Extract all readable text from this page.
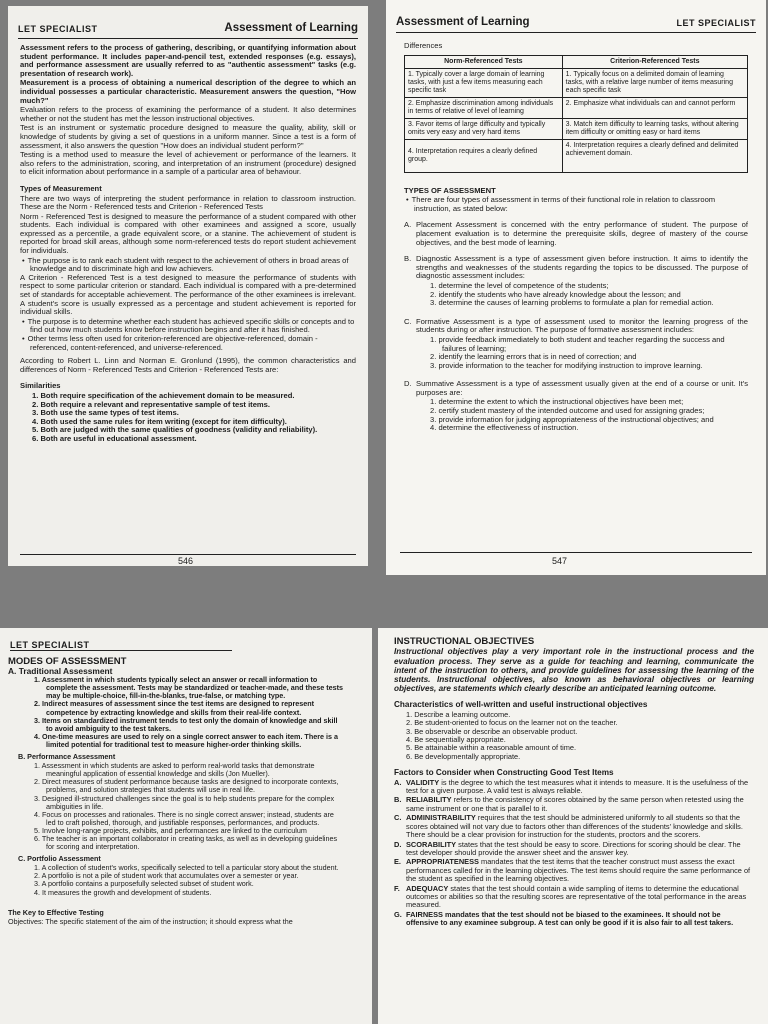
LET SPECIALIST	Assessment of Learning

Assessment refers to the process of gathering, describing, or quantifying information about student performance. It includes paper-and-pencil test, extended responses (e.g. essays), and performance assessment are usually referred to as "authentic assessment" tasks (e.g. presentation of research work).

Measurement is a process of obtaining a numerical description of the degree to which an individual possesses a particular characteristic. Measurement answers the question, "How much?"

Evaluation refers to the process of examining the performance of a student. It also determines whether or not the student has met the lesson instructional objectives.

Test is an instrument or systematic procedure designed to measure the quality, ability, skill or knowledge of students by giving a set of questions in a uniform manner. Since a test is a form of assessment, it also answers the question "How does an individual student perform?"

Testing is a method used to measure the level of achievement or performance of the learners. It also refers to the administration, scoring, and interpretation of an instrument (procedure) designed to elicit information about performance in a sample of a particular area of behaviour.

Types of Measurement

There are two ways of interpreting the student performance in relation to classroom instruction. These are the Norm - Referenced tests and Criterion - Referenced Tests

Norm - Referenced Test is designed to measure the performance of a student compared with other students. Each individual is compared with other examinees and assigned a score, usually expressed as a percentile, a grade equivalent score, or a stanine. The achievement of student is reported for broad skill areas, although some norm-referenced tests do report student achievement for individuals.

• The purpose is to rank each student with respect to the achievement of others in broad areas of knowledge and to discriminate high and low achievers.

A Criterion - Referenced Test is a test designed to measure the performance of students with respect to some particular criterion or standard. Each individual is compared with a pre-determined set of standards for acceptable achievement. The performance of the other examinees is irrelevant. A student's score is usually expressed as a percentage and student achievement is reported for individual skills.

• The purpose is to determine whether each student has achieved specific skills or concepts and to find out how much students know before instruction begins and after it has finished.
• Other terms less often used for criterion-referenced are objective-referenced, domain -referenced, content-referenced, and universe-referenced.

According to Robert L. Linn and Norman E. Gronlund (1995), the common characteristics and differences of Norm - Referenced Tests and Criterion - Referenced Tests are:

Similarities

1. Both require specification of the achievement domain to be measured.
2. Both require a relevant and representative sample of test items.
3. Both use the same types of test items.
4. Both used the same rules for item writing (except for item difficulty).
5. Both are judged with the same qualities of goodness (validity and reliability).
6. Both are useful in educational assessment.
546
Assessment of Learning	LET SPECIALIST

Differences

Norm-Referenced Tests	Criterion-Referenced Tests
1. Typically cover a large domain of learning tasks, with just a few items measuring each specific task	1. Typically focus on a delimited domain of learning tasks, with a relative large number of items measuring each specific task
2. Emphasize discrimination among individuals in terms of relative of level of learning	2. Emphasize what individuals can and cannot perform
3. Favor items of large difficulty and typically omits very easy and very hard items	3. Match item difficulty to learning tasks, without altering item difficulty or omitting easy or hard items
4. Interpretation requires a clearly defined group.	4. Interpretation requires a clearly defined and delimited achievement domain.

TYPES OF ASSESSMENT

• There are four types of assessment in terms of their functional role in relation to classroom instruction, as stated below:
A. Placement Assessment is concerned with the entry performance of student. The purpose of placement evaluation is to determine the prerequisite skills, degree of mastery of the course objectives, and the best mode of learning.

B. Diagnostic Assessment is a type of assessment given before instruction. It aims to identify the strengths and weaknesses of the students regarding the topics to be discussed. The purpose of diagnostic assessment includes:

1. determine the level of competence of the students;
2. identify the students who have already knowledge about the lesson; and
3. determine the causes of learning problems to formulate a plan for remedial action.
C. Formative Assessment is a type of assessment used to monitor the learning progress of the students during or after instruction. The purpose of formative assessment includes:

1. provide feedback immediately to both student and teacher regarding the success and failures of learning;
2. identify the learning errors that is in need of correction; and
3. provide information to the teacher for modifying instruction to improve learning.
D. Summative Assessment is a type of assessment usually given at the end of a course or unit. It's purposes are:

1. determine the extent to which the instructional objectives have been met;
2. certify student mastery of the intended outcome and used for assigning grades;
3. provide information for judging appropriateness of the instructional objectives; and
4. determine the effectiveness of instruction.
547
LET SPECIALIST

MODES OF ASSESSMENT

A. Traditional Assessment

1. Assessment in which students typically select an answer or recall information to complete the assessment. Tests may be standardized or teacher-made, and these tests may be multiple-choice, fill-in-the-blanks, true-false, or matching type.
2. Indirect measures of assessment since the test items are designed to represent competence by extracting knowledge and skills from their real-life context.
3. Items on standardized instrument tends to test only the domain of knowledge and skill to avoid ambiguity to the test takers.
4. One-time measures are used to rely on a single correct answer to each item. There is a limited potential for traditional test to measure higher-order thinking skills.

B. Performance Assessment

1. Assessment in which students are asked to perform real-world tasks that demonstrate meaningful application of essential knowledge and skills (Jon Mueller).
2. Direct measures of student performance because tasks are designed to incorporate contexts, problems, and solution strategies that students will use in real life.
3. Designed ill-structured challenges since the goal is to help students prepare for the complex ambiguities in life.
4. Focus on processes and rationales. There is no single correct answer; instead, students are led to craft polished, thorough, and justifiable responses, performances, and products.
5. Involve long-range projects, exhibits, and performances are linked to the curriculum
6. The teacher is an important collaborator in creating tasks, as well as in developing guidelines for scoring and interpretation.

C. Portfolio Assessment

1. A collection of student's works, specifically selected to tell a particular story about the student.
2. A portfolio is not a pile of student work that accumulates over a semester or year.
3. A portfolio contains a purposefully selected subset of student work.
4. It measures the growth and development of students.

The Key to Effective Testing

Objectives: The specific statement of the aim of the instruction; it should express what the

INSTRUCTIONAL OBJECTIVES

Instructional objectives play a very important role in the instructional process and the evaluation process. They serve as a guide for teaching and learning, communicate the intent of the instruction to others, and provide guidelines for assessing the learning of the students. Instructional objectives, also known as behavioral objectives or learning objectives, are statements which clearly describe an anticipated learning outcome.

Characteristics of well-written and useful instructional objectives

1. Describe a learning outcome.
2. Be student-oriented to focus on the learner not on the teacher.
3. Be observable or describe an observable product.
4. Be sequentially appropriate.
5. Be attainable within a reasonable amount of time.
6. Be developmentally appropriate.

Factors to Consider when Constructing Good Test Items

A. VALIDITY is the degree to which the test measures what it intends to measure. It is the usefulness of the test for a given purpose. A valid test is always reliable.
B. RELIABILITY refers to the consistency of scores obtained by the same person when retested using the same instrument or one that is parallel to it.
C. ADMINISTRABILITY requires that the test should be administered uniformly to all students so that the scores obtained will not vary due to factors other than differences of the students' knowledge and skills. There should be a clear provision for instruction for the students, proctors and the scorers.
D. SCORABILITY states that the test should be easy to score. Directions for scoring should be clear. The test developer should provide the answer sheet and the answer key.
E. APPROPRIATENESS mandates that the test items that the teacher construct must assess the exact performances called for in the learning objectives. The test items should require the same performance of the student as specified in the learning objectives.
F. ADEQUACY states that the test should contain a wide sampling of items to determine the educational outcomes or abilities so that the resulting scores are representative of the total performance in the areas measured.
G. FAIRNESS mandates that the test should not be biased to the examinees. It should not be offensive to any examinee subgroup. A test can only be good if it is also fair to all test takers.
